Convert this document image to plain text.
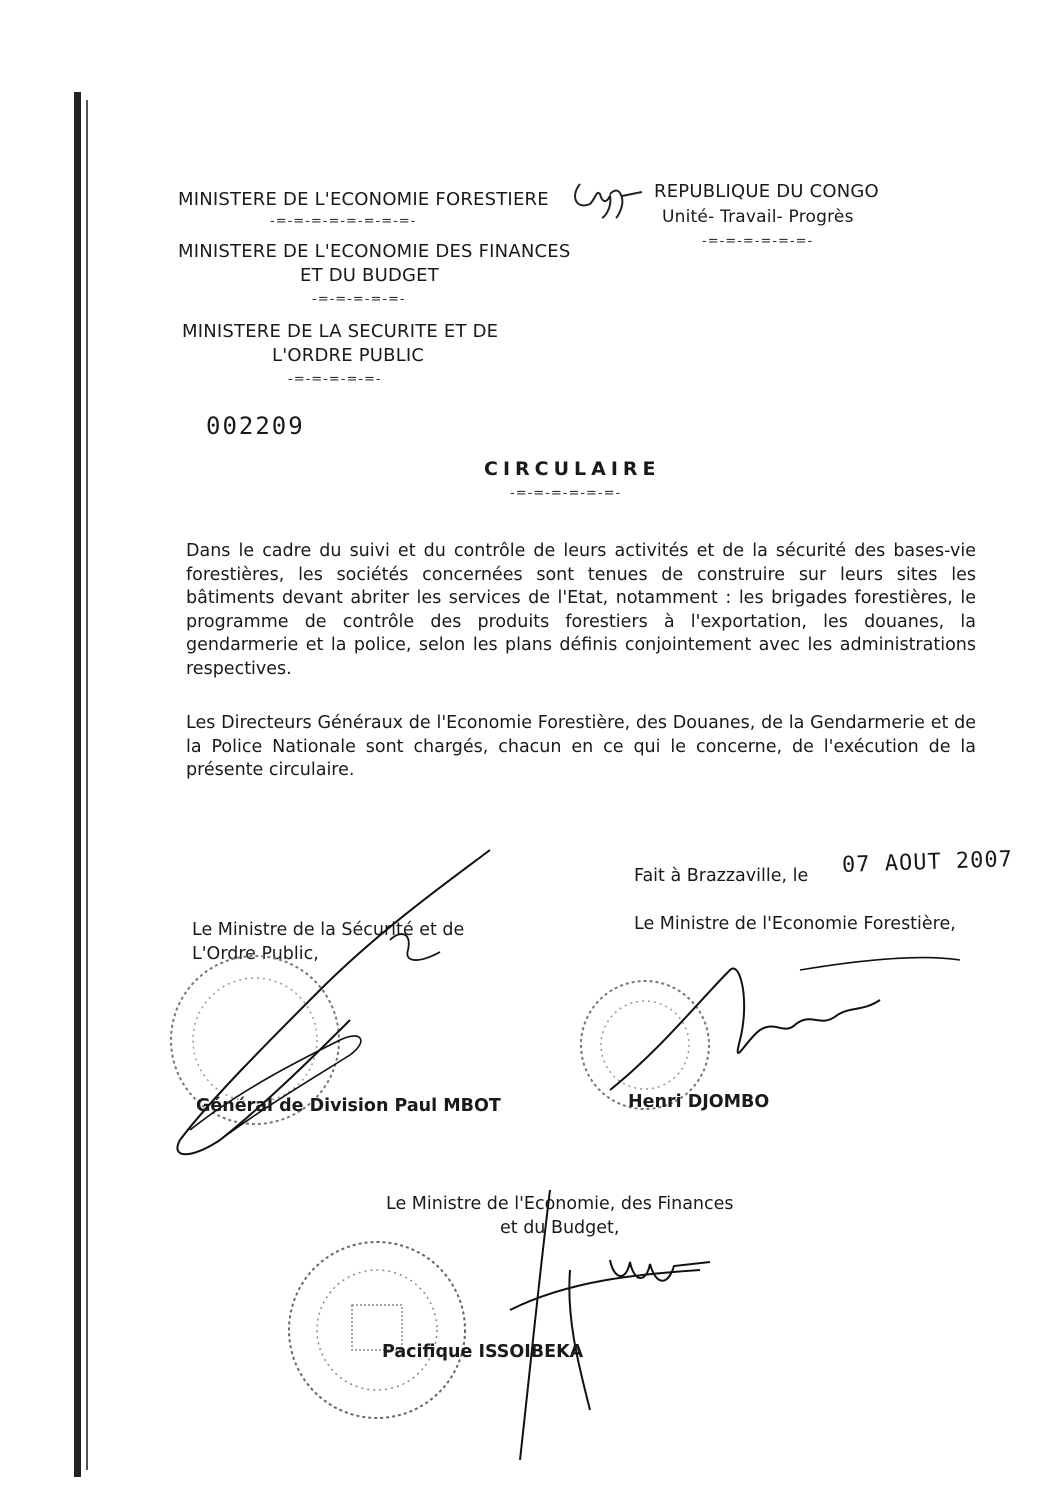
MINISTERE DE L'ECONOMIE FORESTIERE
-=-=-=-=-=-=-=-=-
MINISTERE DE L'ECONOMIE DES FINANCES
ET DU BUDGET
-=-=-=-=-=-
MINISTERE DE LA SECURITE ET DE
L'ORDRE PUBLIC
-=-=-=-=-=-
REPUBLIQUE DU CONGO
Unité- Travail- Progrès
-=-=-=-=-=-=-
002209
CIRCULAIRE
-=-=-=-=-=-=-
Dans le cadre du suivi et du contrôle de leurs activités et de la sécurité des bases-vie forestières, les sociétés concernées sont tenues de construire sur leurs sites les bâtiments devant abriter les services de l'Etat, notamment : les brigades forestières, le programme de contrôle des produits forestiers à l'exportation, les douanes, la gendarmerie et la police, selon les plans définis conjointement avec les administrations respectives.
Les Directeurs Généraux de l'Economie Forestière, des Douanes, de la Gendarmerie et de la Police Nationale sont chargés, chacun en ce qui le concerne, de l'exécution de la présente circulaire.
Fait à Brazzaville, le 07 AOUT 2007
Le Ministre de la Sécurité et de
L'Ordre Public,
Général de Division Paul MBOT
Le Ministre de l'Economie Forestière,
Henri DJOMBO
Le Ministre de l'Economie, des Finances
et du Budget,
Pacifique ISSOIBEKA
